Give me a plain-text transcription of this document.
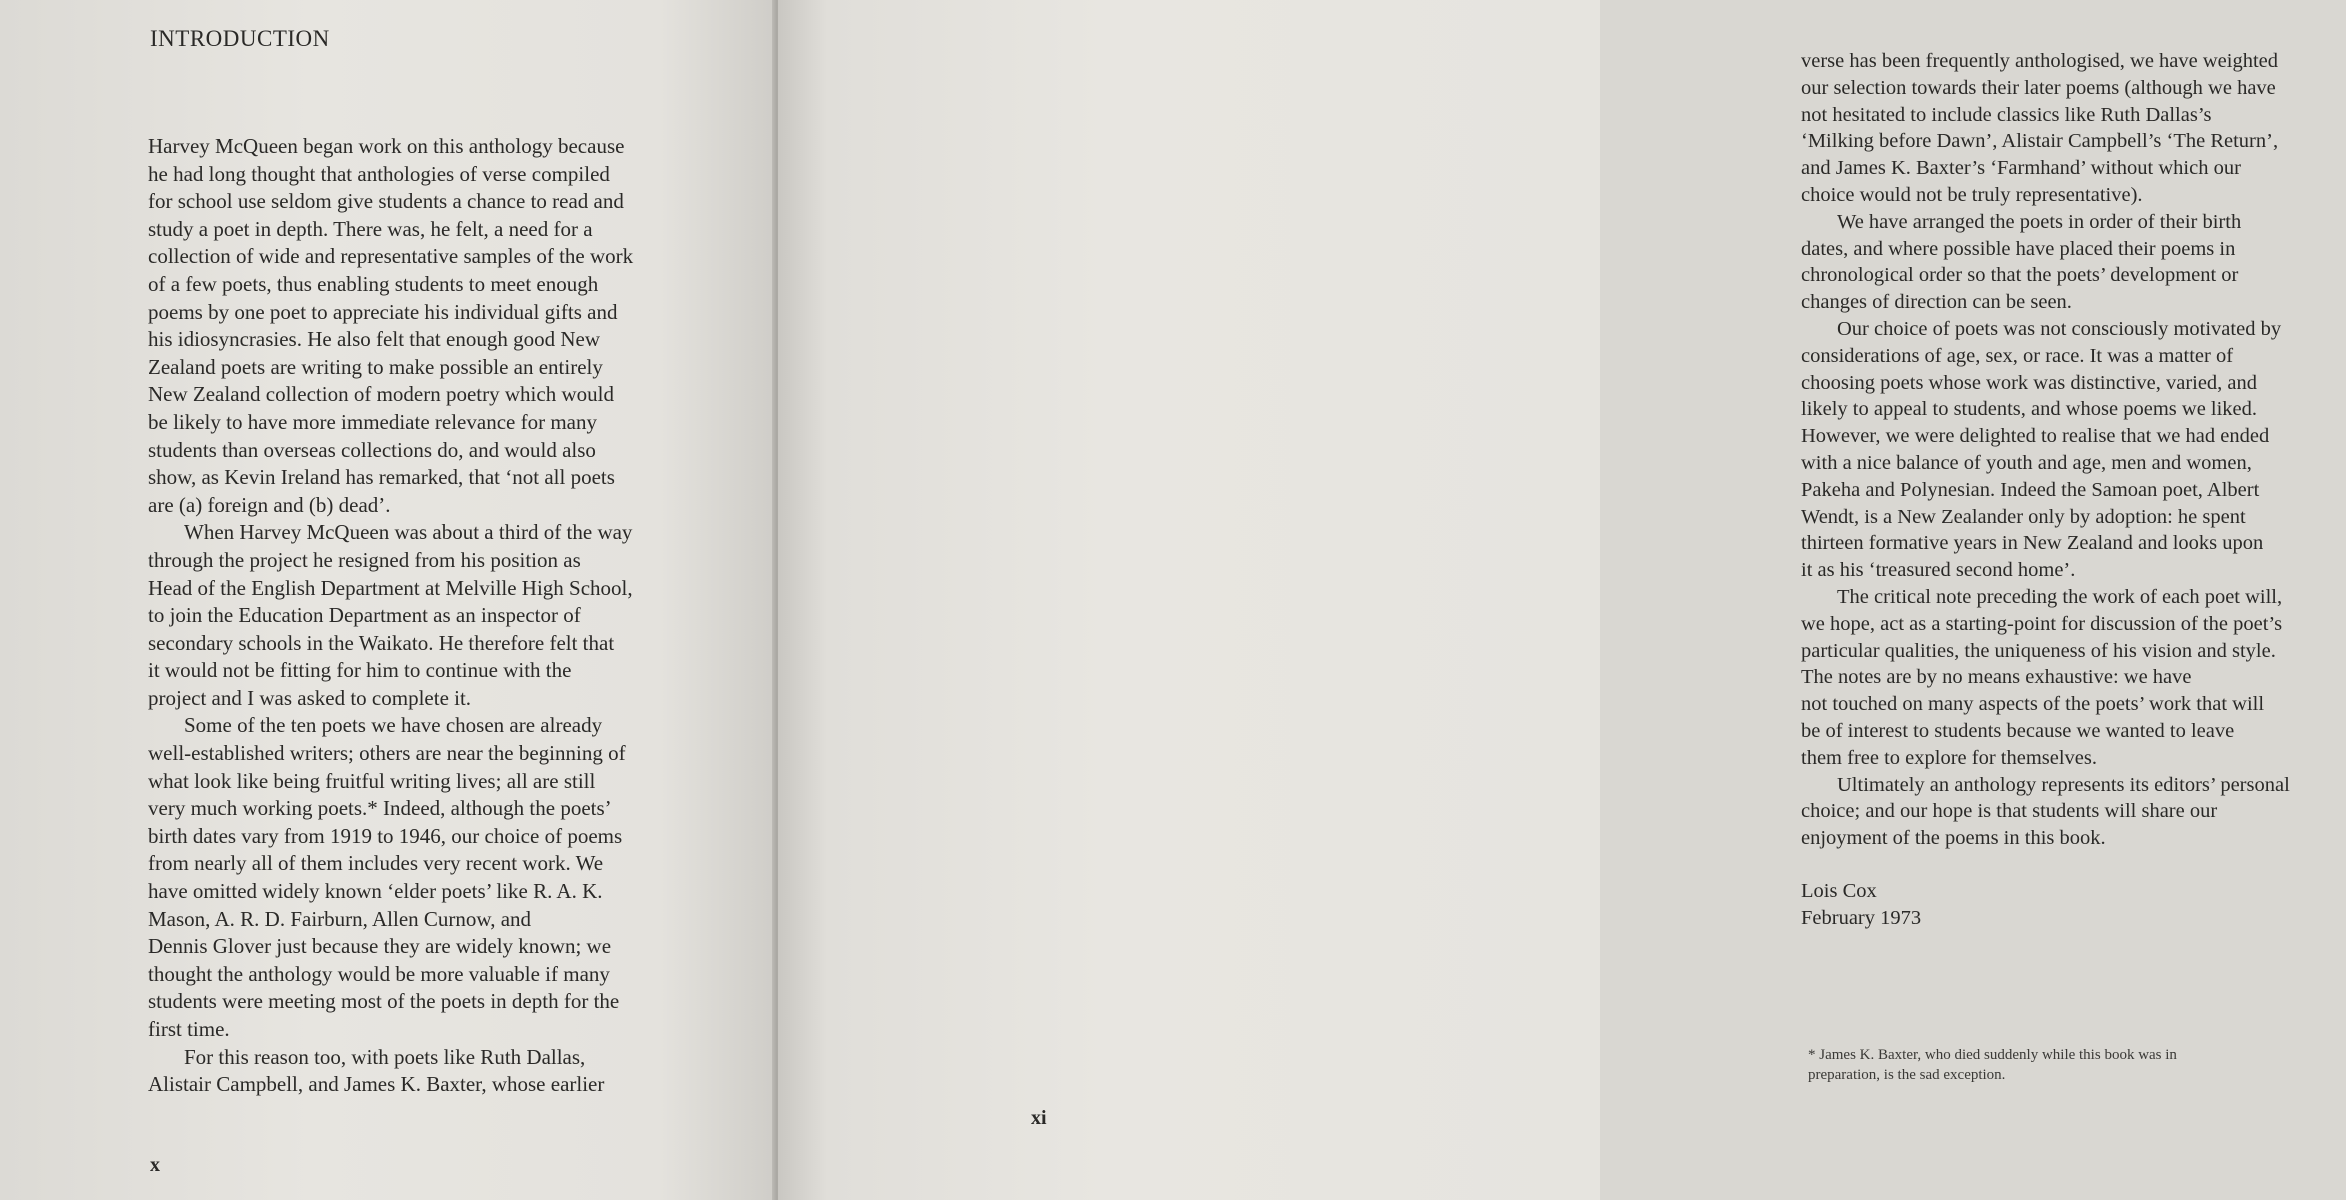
INTRODUCTION

Harvey McQueen began work on this anthology because
he had long thought that anthologies of verse compiled
for school use seldom give students a chance to read and
study a poet in depth. There was, he felt, a need for a
collection of wide and representative samples of the work
of a few poets, thus enabling students to meet enough
poems by one poet to appreciate his individual gifts and
his idiosyncrasies. He also felt that enough good New
Zealand poets are writing to make possible an entirely
New Zealand collection of modern poetry which would
be likely to have more immediate relevance for many
students than overseas collections do, and would also
show, as Kevin Ireland has remarked, that ‘not all poets
are (a) foreign and (b) dead’.

When Harvey McQueen was about a third of the way
through the project he resigned from his position as
Head of the English Department at Melville High School,
to join the Education Department as an inspector of
secondary schools in the Waikato. He therefore felt that
it would not be fitting for him to continue with the
project and I was asked to complete it.

Some of the ten poets we have chosen are already
well-established writers; others are near the beginning of
what look like being fruitful writing lives; all are still
very much working poets.* Indeed, although the poets’
birth dates vary from 1919 to 1946, our choice of poems
from nearly all of them includes very recent work. We
have omitted widely known ‘elder poets’ like R. A. K.
Mason, A. R. D. Fairburn, Allen Curnow, and
Dennis Glover just because they are widely known; we
thought the anthology would be more valuable if many
students were meeting most of the poets in depth for the
first time.

For this reason too, with poets like Ruth Dallas,
Alistair Campbell, and James K. Baxter, whose earlier

x

verse has been frequently anthologised, we have weighted
our selection towards their later poems (although we have
not hesitated to include classics like Ruth Dallas’s
‘Milking before Dawn’, Alistair Campbell’s ‘The Return’,
and James K. Baxter’s ‘Farmhand’ without which our
choice would not be truly representative).

We have arranged the poets in order of their birth
dates, and where possible have placed their poems in
chronological order so that the poets’ development or
changes of direction can be seen.

Our choice of poets was not consciously motivated by
considerations of age, sex, or race. It was a matter of
choosing poets whose work was distinctive, varied, and
likely to appeal to students, and whose poems we liked.
However, we were delighted to realise that we had ended
with a nice balance of youth and age, men and women,
Pakeha and Polynesian. Indeed the Samoan poet, Albert
Wendt, is a New Zealander only by adoption: he spent
thirteen formative years in New Zealand and looks upon
it as his ‘treasured second home’.

The critical note preceding the work of each poet will,
we hope, act as a starting-point for discussion of the poet’s
particular qualities, the uniqueness of his vision and style.
The notes are by no means exhaustive: we have
not touched on many aspects of the poets’ work that will
be of interest to students because we wanted to leave
them free to explore for themselves.

Ultimately an anthology represents its editors’ personal
choice; and our hope is that students will share our
enjoyment of the poems in this book.

Lois Cox
February 1973
* James K. Baxter, who died suddenly while this book was in
preparation, is the sad exception.
xi
